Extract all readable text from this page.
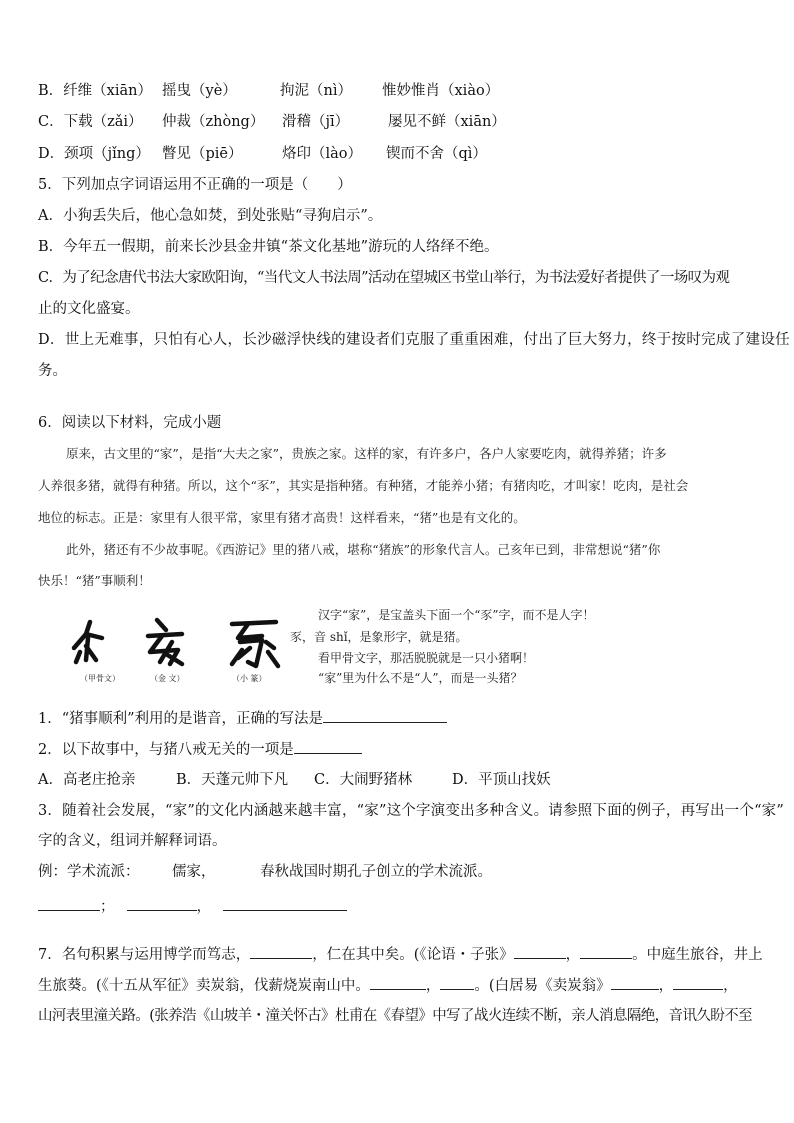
B．纤维（xiān） 摇曳（yè）	拘泥（nì） 惟妙惟肖（xiào）
C．下载（zǎi） 仲裁（zhòng） 滑稽（jī）	屡见不鲜（xiān）
D．颈项（jǐng） 瞥见（piē）	烙印（lào） 锲而不舍（qì）
5．下列加点字词语运用不正确的一项是（　　）
A．小狗丢失后，他心急如焚，到处张贴“寻狗启示”。
B．今年五一假期，前来长沙县金井镇“茶文化基地”游玩的人络绎不绝。
C．为了纪念唐代书法大家欧阳询，“当代文人书法周”活动在望城区书堂山举行，为书法爱好者提供了一场叹为观
止的文化盛宴。
D．世上无难事，只怕有心人，长沙磁浮快线的建设者们克服了重重困难，付出了巨大努力，终于按时完成了建设任
务。
6．阅读以下材料，完成小题
原来，古文里的“家”，是指“大夫之家”，贵族之家。这样的家，有许多户，各户人家要吃肉，就得养猪；许多
人养很多猪，就得有种猪。所以，这个“豕”，其实是指种猪。有种猪，才能养小猪；有猪肉吃，才叫家！吃肉，是社会
地位的标志。正是：家里有人很平常，家里有猪才高贵！这样看来，“猪”也是有文化的。
此外，猪还有不少故事呢。《西游记》里的猪八戒，堪称“猪族”的形象代言人。己亥年已到，非常想说“猪”你
快乐！“猪”事顺利！
（甲骨文）	（金 文）	（小 篆）
汉字“家”，是宝盖头下面一个“豕”字，而不是人字！
豕，音 shǐ，是象形字，就是猪。
看甲骨文字，那活脱脱就是一只小猪啊！
“家”里为什么不是“人”，而是一头猪？
1．“猪事顺利”利用的是谐音，正确的写法是
2．以下故事中，与猪八戒无关的一项是
A．高老庄抢亲	B．天蓬元帅下凡 C．大闹野猪林	D．平顶山找妖
3．随着社会发展，“家”的文化内涵越来越丰富，“家”这个字演变出多种含义。请参照下面的例子，再写出一个“家”
字的含义，组词并解释词语。
例：学术流派： 儒家，	春秋战国时期孔子创立的学术流派。
；	，
7．名句积累与运用博学而笃志，	，仁在其中矣。(《论语・子张》	，	。中庭生旅谷，井上
生旅葵。(《十五从军征》卖炭翁，伐薪烧炭南山中。	， 。(白居易《卖炭翁》	，	，
山河表里潼关路。(张养浩《山坡羊・潼关怀古》杜甫在《春望》中写了战火连续不断，亲人消息隔绝，音讯久盼不至
